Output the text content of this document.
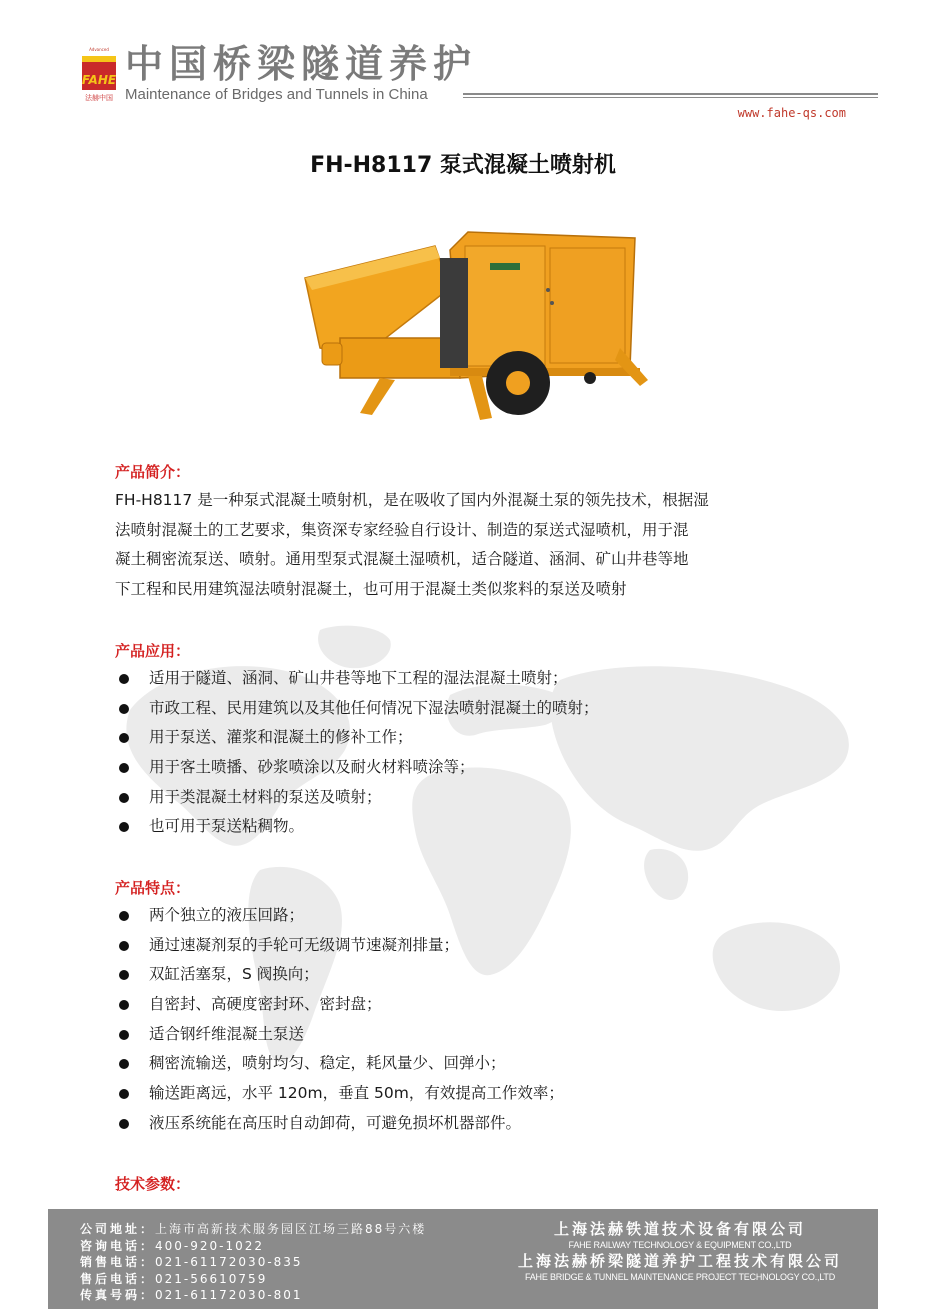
Advanced
FAHE
法赫中国
中国桥梁隧道养护
Maintenance of Bridges and Tunnels in China
www.fahe-qs.com
FH-H8117 泵式混凝土喷射机
产品简介：
FH-H8117 是一种泵式混凝土喷射机，是在吸收了国内外混凝土泵的领先技术，根据湿
法喷射混凝土的工艺要求，集资深专家经验自行设计、制造的泵送式湿喷机，用于混
凝土稠密流泵送、喷射。通用型泵式混凝土湿喷机，适合隧道、涵洞、矿山井巷等地
下工程和民用建筑湿法喷射混凝土，也可用于混凝土类似浆料的泵送及喷射
产品应用：
适用于隧道、涵洞、矿山井巷等地下工程的湿法混凝土喷射；
市政工程、民用建筑以及其他任何情况下湿法喷射混凝土的喷射；
用于泵送、灌浆和混凝土的修补工作；
用于客土喷播、砂浆喷涂以及耐火材料喷涂等；
用于类混凝土材料的泵送及喷射；
也可用于泵送粘稠物。
产品特点：
两个独立的液压回路；
通过速凝剂泵的手轮可无级调节速凝剂排量；
双缸活塞泵，S 阀换向；
自密封、高硬度密封环、密封盘；
适合钢纤维混凝土泵送
稠密流输送，喷射均匀、稳定，耗风量少、回弹小；
输送距离远，水平 120m，垂直 50m，有效提高工作效率；
液压系统能在高压时自动卸荷，可避免损坏机器部件。
技术参数：
公司地址：上海市高新技术服务园区江场三路88号六楼
咨询电话：400-920-1022
销售电话：021-61172030-835
售后电话：021-56610759
传真号码：021-61172030-801
上海法赫铁道技术设备有限公司
FAHE RAILWAY TECHNOLOGY & EQUIPMENT CO.,LTD
上海法赫桥梁隧道养护工程技术有限公司
FAHE BRIDGE & TUNNEL MAINTENANCE PROJECT TECHNOLOGY CO.,LTD
